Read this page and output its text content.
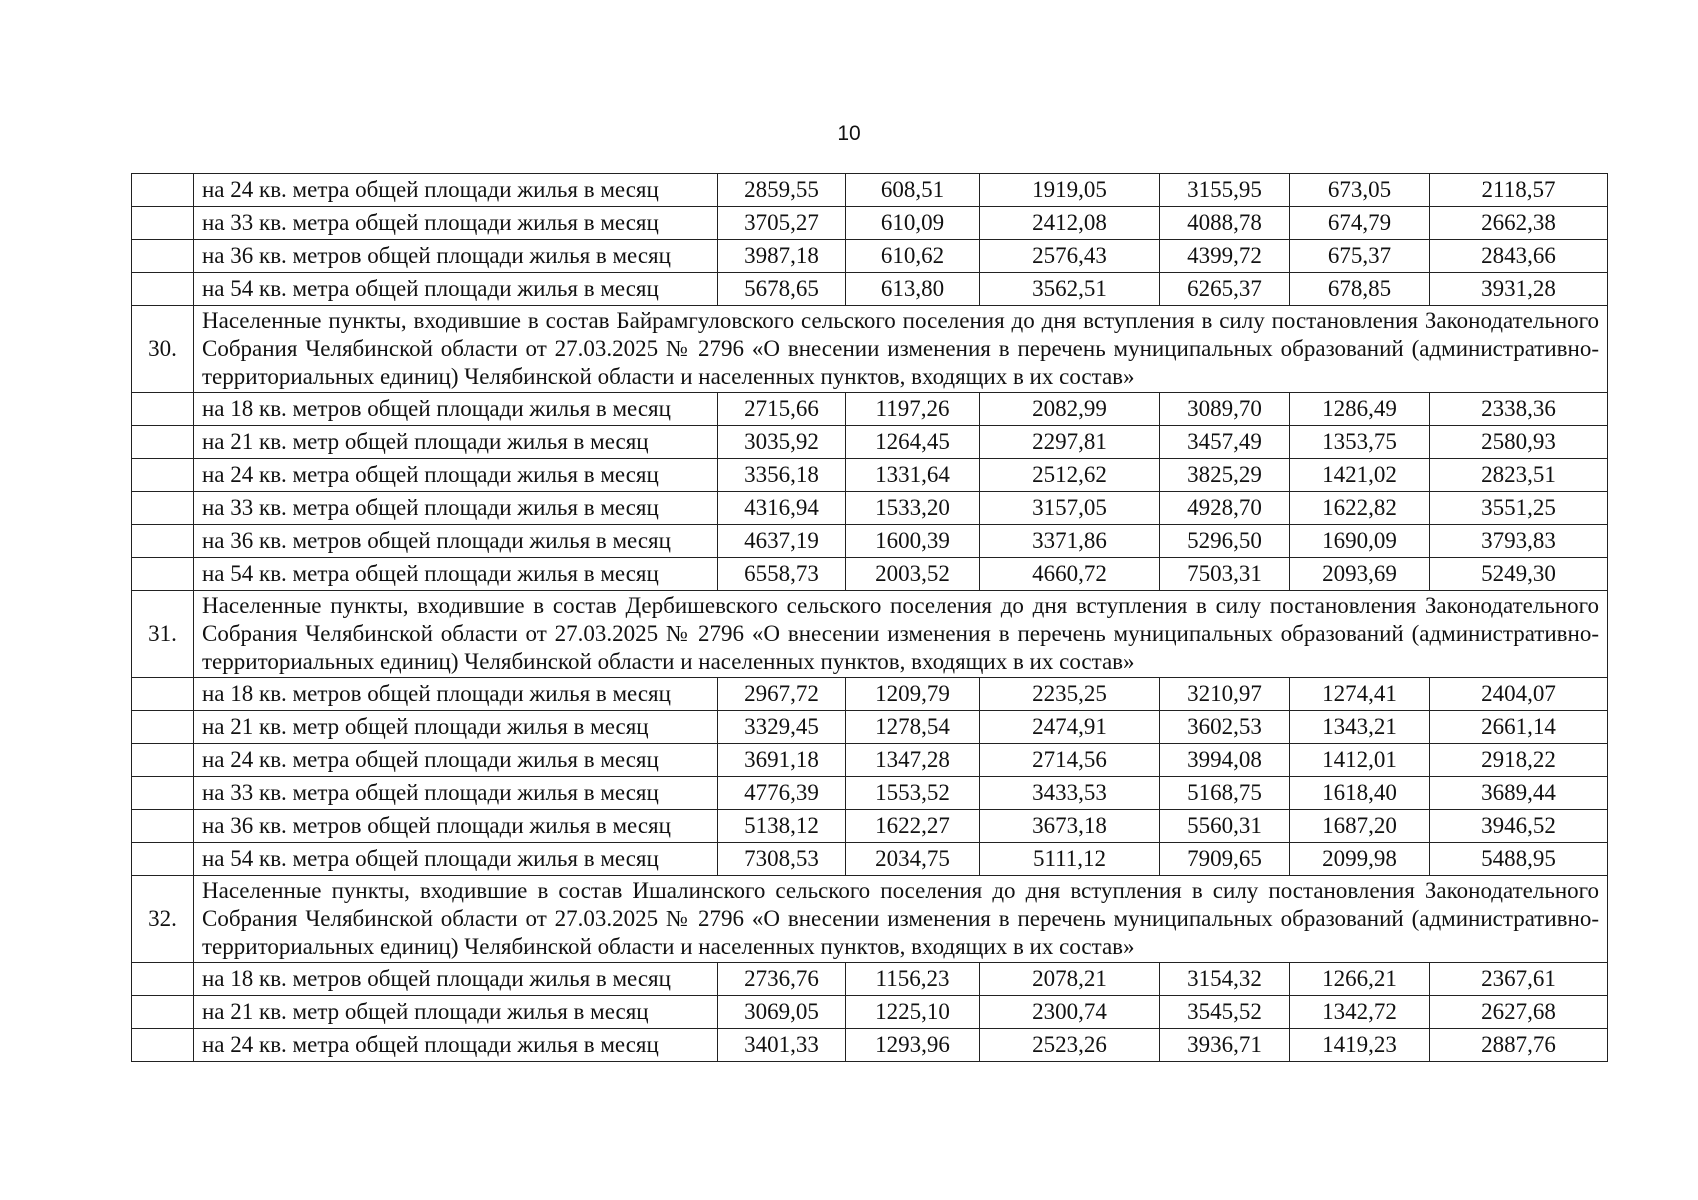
10
	на 24 кв. метра общей площади жилья в месяц	2859,55	608,51	1919,05	3155,95	673,05	2118,57
	на 33 кв. метра общей площади жилья в месяц	3705,27	610,09	2412,08	4088,78	674,79	2662,38
	на 36 кв. метров общей площади жилья в месяц	3987,18	610,62	2576,43	4399,72	675,37	2843,66
	на 54 кв. метра общей площади жилья в месяц	5678,65	613,80	3562,51	6265,37	678,85	3931,28
30.	Населенные пункты, входившие в состав Байрамгуловского сельского поселения до дня вступления в силу постановления Законодательного Собрания Челябинской области от 27.03.2025 № 2796 «О внесении изменения в перечень муниципальных образований (административно-территориальных единиц) Челябинской области и населенных пунктов, входящих в их состав»						
	на 18 кв. метров общей площади жилья в месяц	2715,66	1197,26	2082,99	3089,70	1286,49	2338,36
	на 21 кв. метр общей площади жилья в месяц	3035,92	1264,45	2297,81	3457,49	1353,75	2580,93
	на 24 кв. метра общей площади жилья в месяц	3356,18	1331,64	2512,62	3825,29	1421,02	2823,51
	на 33 кв. метра общей площади жилья в месяц	4316,94	1533,20	3157,05	4928,70	1622,82	3551,25
	на 36 кв. метров общей площади жилья в месяц	4637,19	1600,39	3371,86	5296,50	1690,09	3793,83
	на 54 кв. метра общей площади жилья в месяц	6558,73	2003,52	4660,72	7503,31	2093,69	5249,30
31.	Населенные пункты, входившие в состав Дербишевского сельского поселения до дня вступления в силу постановления Законодательного Собрания Челябинской области от 27.03.2025 № 2796 «О внесении изменения в перечень муниципальных образований (административно-территориальных единиц) Челябинской области и населенных пунктов, входящих в их состав»						
	на 18 кв. метров общей площади жилья в месяц	2967,72	1209,79	2235,25	3210,97	1274,41	2404,07
	на 21 кв. метр общей площади жилья в месяц	3329,45	1278,54	2474,91	3602,53	1343,21	2661,14
	на 24 кв. метра общей площади жилья в месяц	3691,18	1347,28	2714,56	3994,08	1412,01	2918,22
	на 33 кв. метра общей площади жилья в месяц	4776,39	1553,52	3433,53	5168,75	1618,40	3689,44
	на 36 кв. метров общей площади жилья в месяц	5138,12	1622,27	3673,18	5560,31	1687,20	3946,52
	на 54 кв. метра общей площади жилья в месяц	7308,53	2034,75	5111,12	7909,65	2099,98	5488,95
32.	Населенные пункты, входившие в состав Ишалинского сельского поселения до дня вступления в силу постановления Законодательного Собрания Челябинской области от 27.03.2025 № 2796 «О внесении изменения в перечень муниципальных образований (административно-территориальных единиц) Челябинской области и населенных пунктов, входящих в их состав»						
	на 18 кв. метров общей площади жилья в месяц	2736,76	1156,23	2078,21	3154,32	1266,21	2367,61
	на 21 кв. метр общей площади жилья в месяц	3069,05	1225,10	2300,74	3545,52	1342,72	2627,68
	на 24 кв. метра общей площади жилья в месяц	3401,33	1293,96	2523,26	3936,71	1419,23	2887,76
